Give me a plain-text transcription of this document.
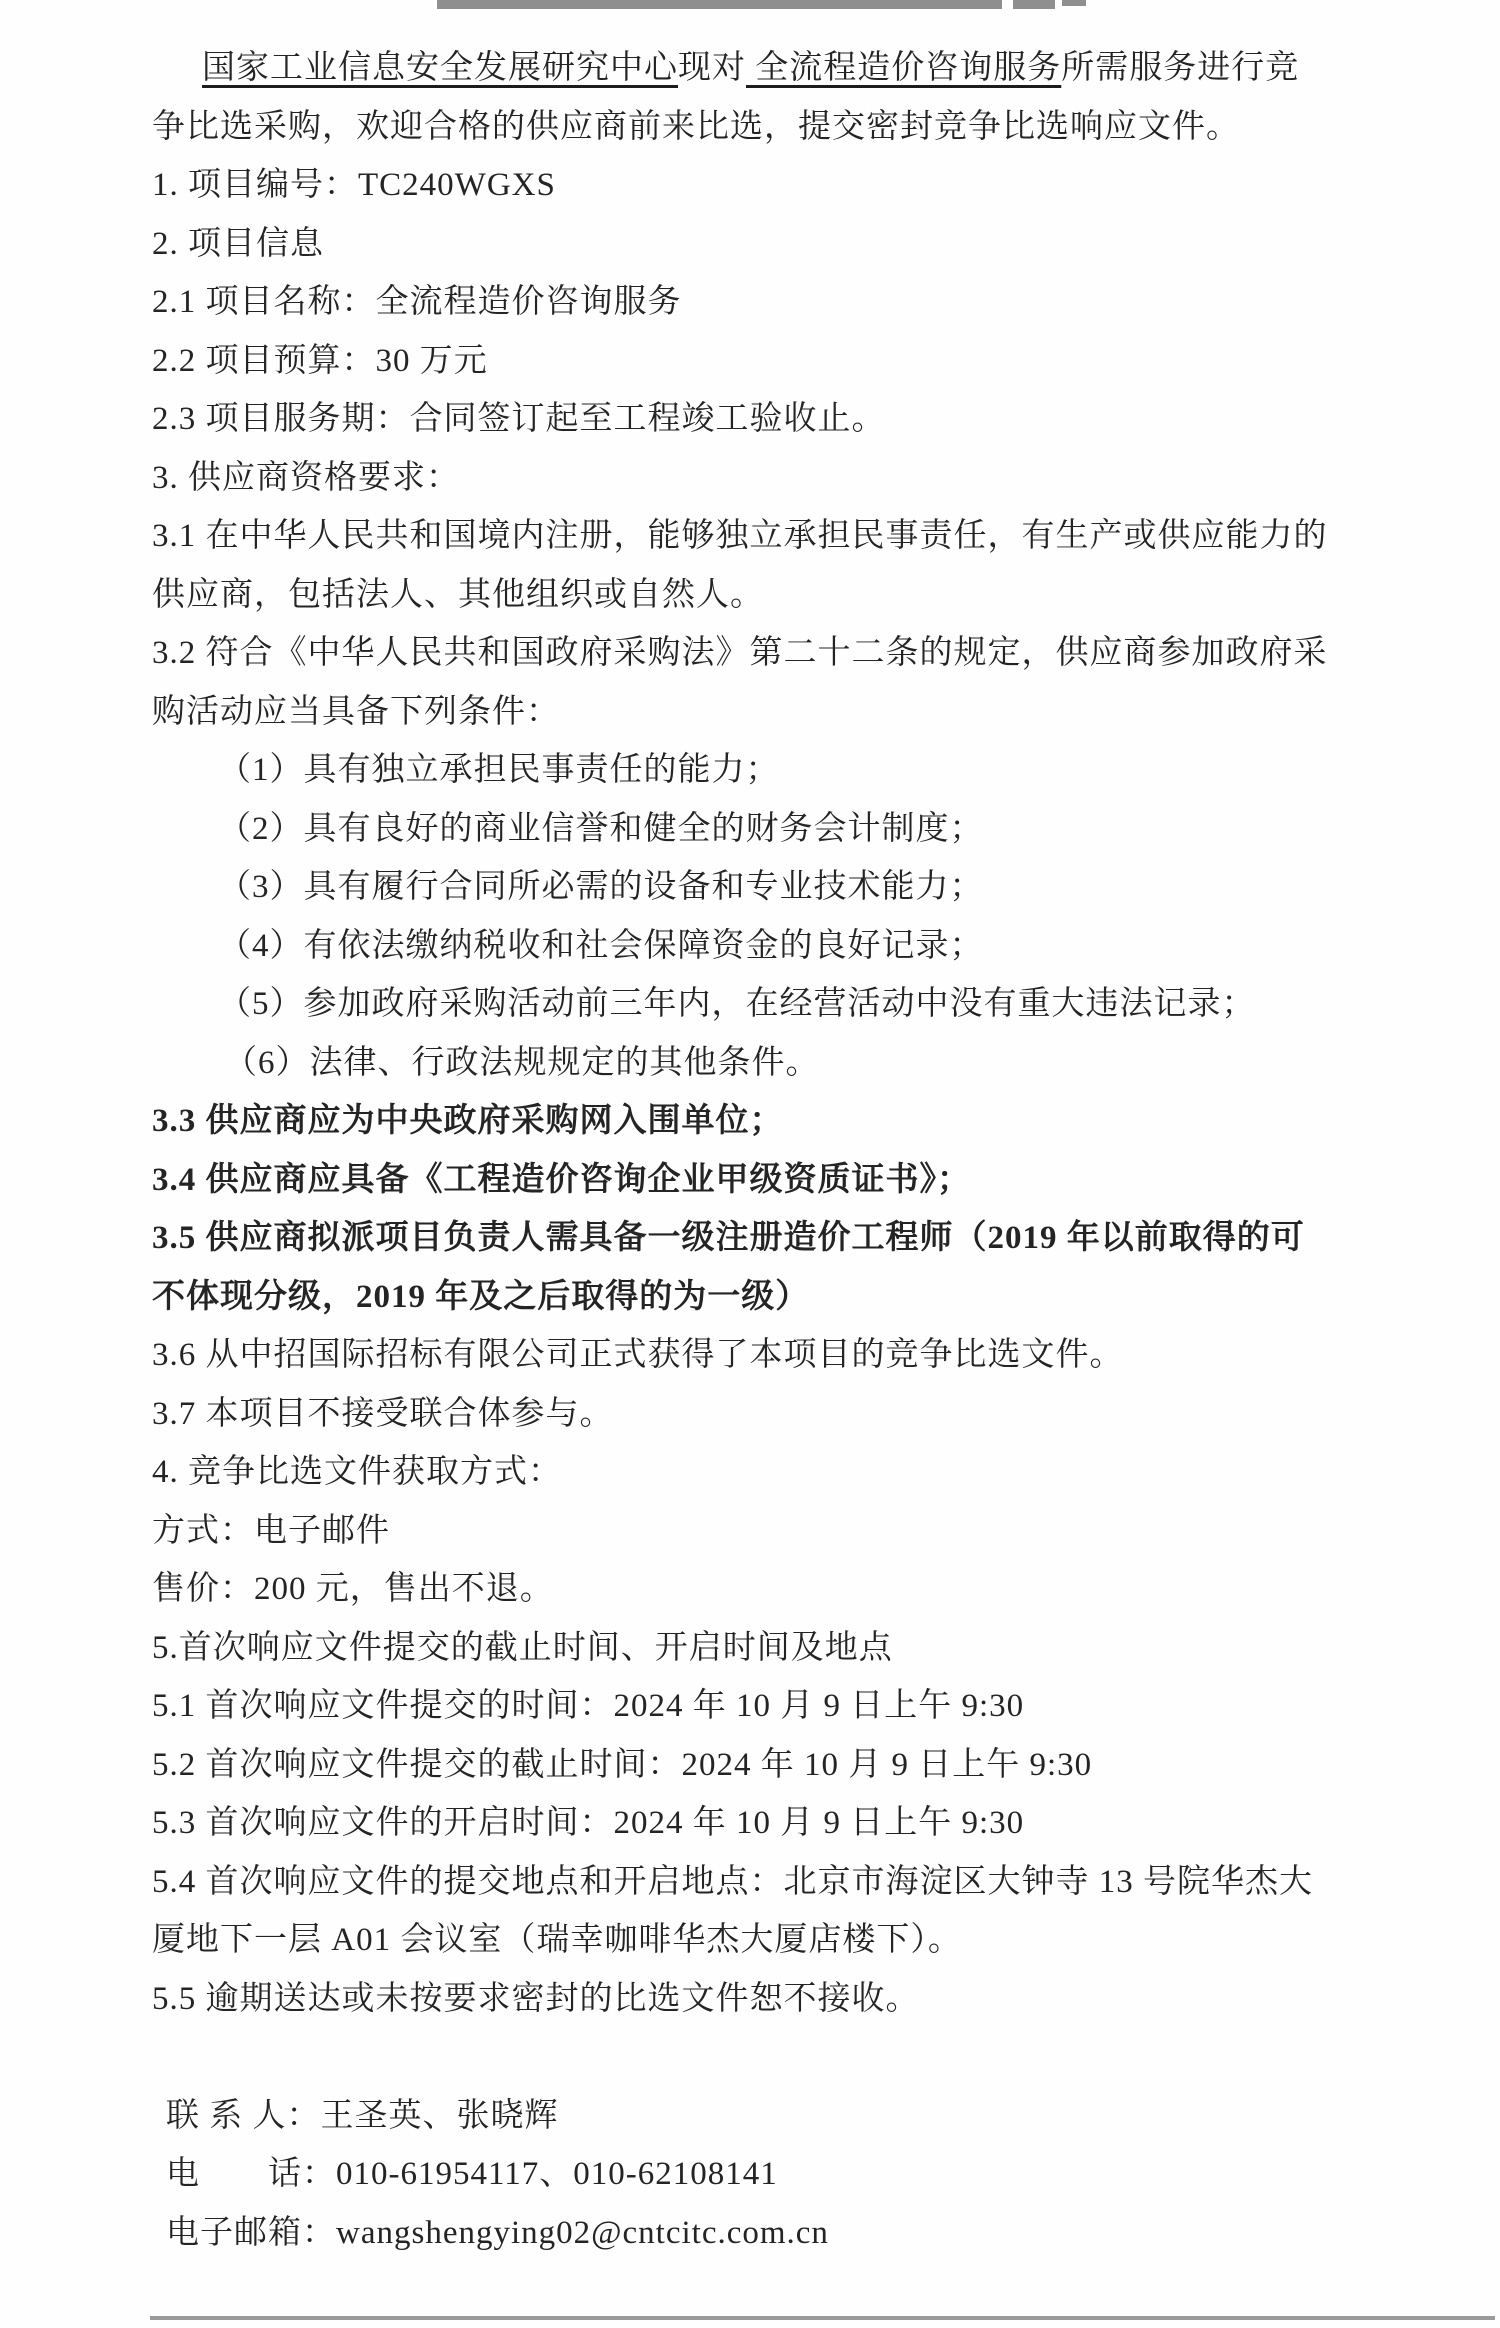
国家工业信息安全发展研究中心现对 全流程造价咨询服务所需服务进行竞
争比选采购，欢迎合格的供应商前来比选，提交密封竞争比选响应文件。
1. 项目编号：TC240WGXS
2. 项目信息
2.1 项目名称：全流程造价咨询服务
2.2 项目预算：30 万元
2.3 项目服务期：合同签订起至工程竣工验收止。
3. 供应商资格要求：
3.1 在中华人民共和国境内注册，能够独立承担民事责任，有生产或供应能力的
供应商，包括法人、其他组织或自然人。
3.2 符合《中华人民共和国政府采购法》第二十二条的规定，供应商参加政府采
购活动应当具备下列条件：
（1）具有独立承担民事责任的能力；
（2）具有良好的商业信誉和健全的财务会计制度；
（3）具有履行合同所必需的设备和专业技术能力；
（4）有依法缴纳税收和社会保障资金的良好记录；
（5）参加政府采购活动前三年内，在经营活动中没有重大违法记录；
（6）法律、行政法规规定的其他条件。
3.3 供应商应为中央政府采购网入围单位；
3.4 供应商应具备《工程造价咨询企业甲级资质证书》；
3.5 供应商拟派项目负责人需具备一级注册造价工程师（2019 年以前取得的可
不体现分级，2019 年及之后取得的为一级）
3.6 从中招国际招标有限公司正式获得了本项目的竞争比选文件。
3.7 本项目不接受联合体参与。
4. 竞争比选文件获取方式：
方式：电子邮件
售价：200 元，售出不退。
5.首次响应文件提交的截止时间、开启时间及地点
5.1 首次响应文件提交的时间：2024 年 10 月 9 日上午 9:30
5.2 首次响应文件提交的截止时间：2024 年 10 月 9 日上午 9:30
5.3 首次响应文件的开启时间：2024 年 10 月 9 日上午 9:30
5.4 首次响应文件的提交地点和开启地点：北京市海淀区大钟寺 13 号院华杰大
厦地下一层 A01 会议室（瑞幸咖啡华杰大厦店楼下）。
5.5 逾期送达或未按要求密封的比选文件恕不接收。

联 系 人：王圣英、张晓辉
电　　话：010-61954117、010-62108141
电子邮箱：wangshengying02@cntcitc.com.cn
